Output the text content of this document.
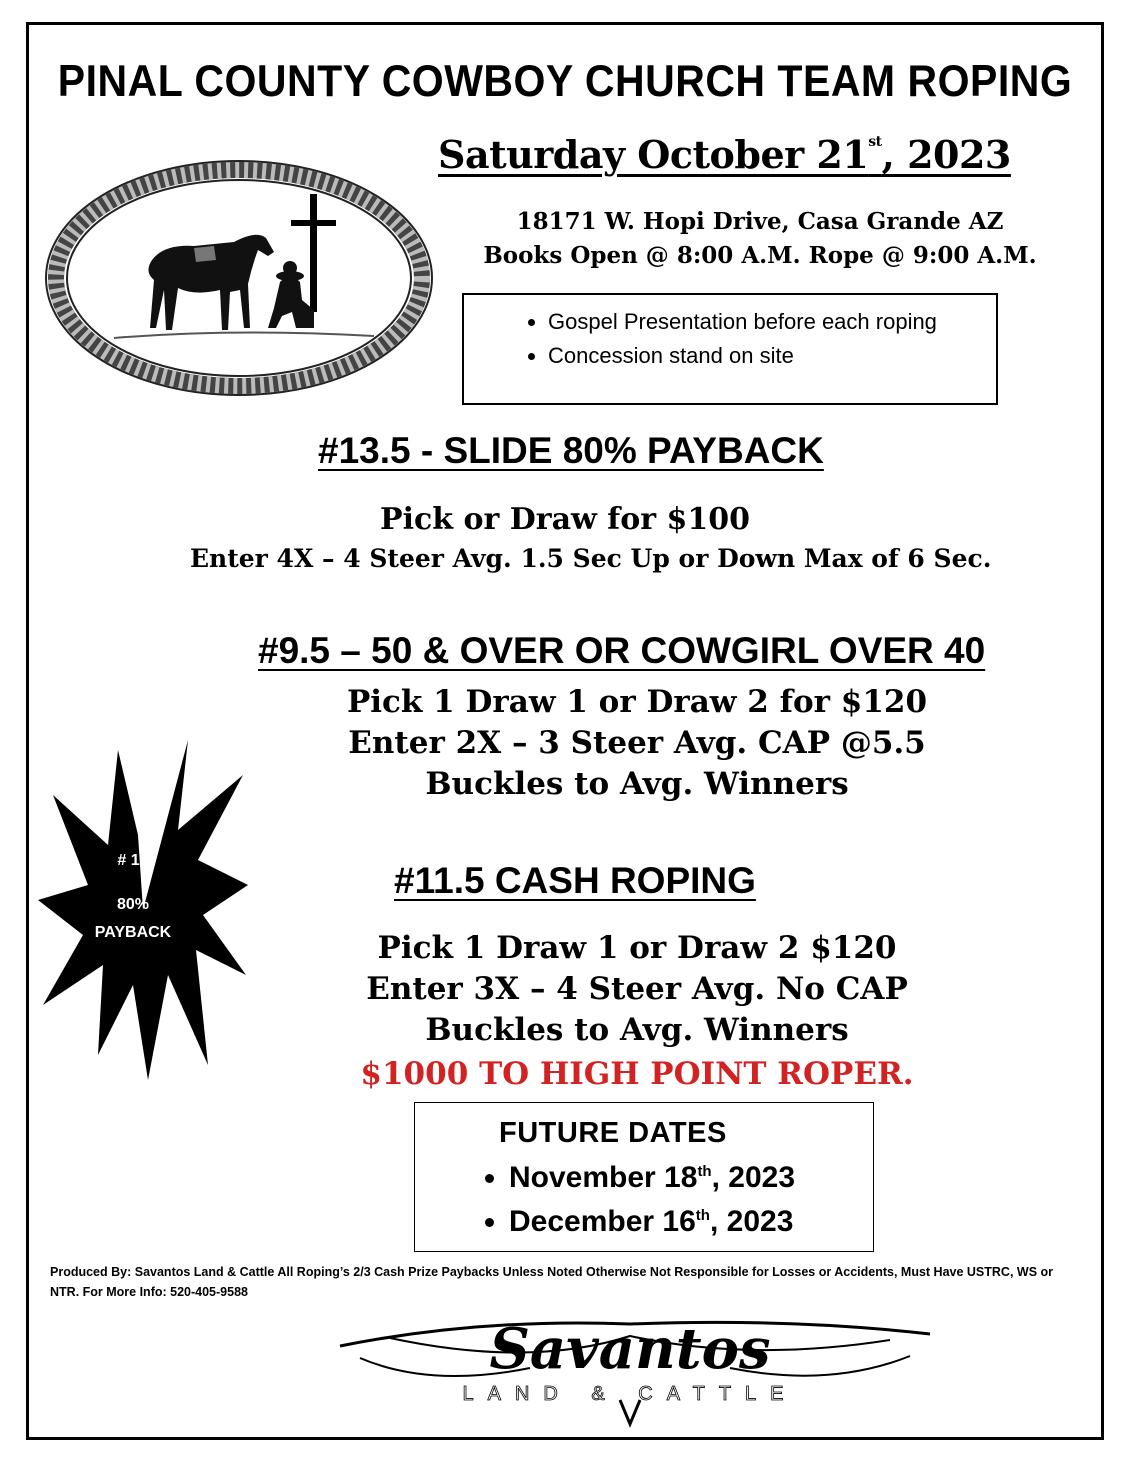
PINAL COUNTY COWBOY CHURCH TEAM ROPING
Saturday October 21st, 2023
18171 W. Hopi Drive, Casa Grande AZ
Books Open @ 8:00 A.M. Rope @ 9:00 A.M.
• Gospel Presentation before each roping
• Concession stand on site
#13.5 - SLIDE 80% PAYBACK
Pick or Draw for $100
Enter 4X – 4 Steer Avg. 1.5 Sec Up or Down Max of 6 Sec.
#9.5 – 50 & OVER OR COWGIRL OVER 40
Pick 1 Draw 1 or Draw 2 for $120
Enter 2X – 3 Steer Avg. CAP @5.5
Buckles to Avg. Winners
# 13
80%
PAYBACK
#11.5 CASH ROPING
Pick 1 Draw 1 or Draw 2 $120
Enter 3X – 4 Steer Avg. No CAP
Buckles to Avg. Winners
$1000 TO HIGH POINT ROPER.
FUTURE DATES
• November 18th, 2023
• December 16th, 2023
Produced By: Savantos Land & Cattle All Roping’s 2/3 Cash Prize Paybacks Unless Noted Otherwise Not Responsible for Losses or Accidents, Must Have USTRC, WS or NTR. For More Info: 520-405-9588
Savantos
LAND & CATTLE
